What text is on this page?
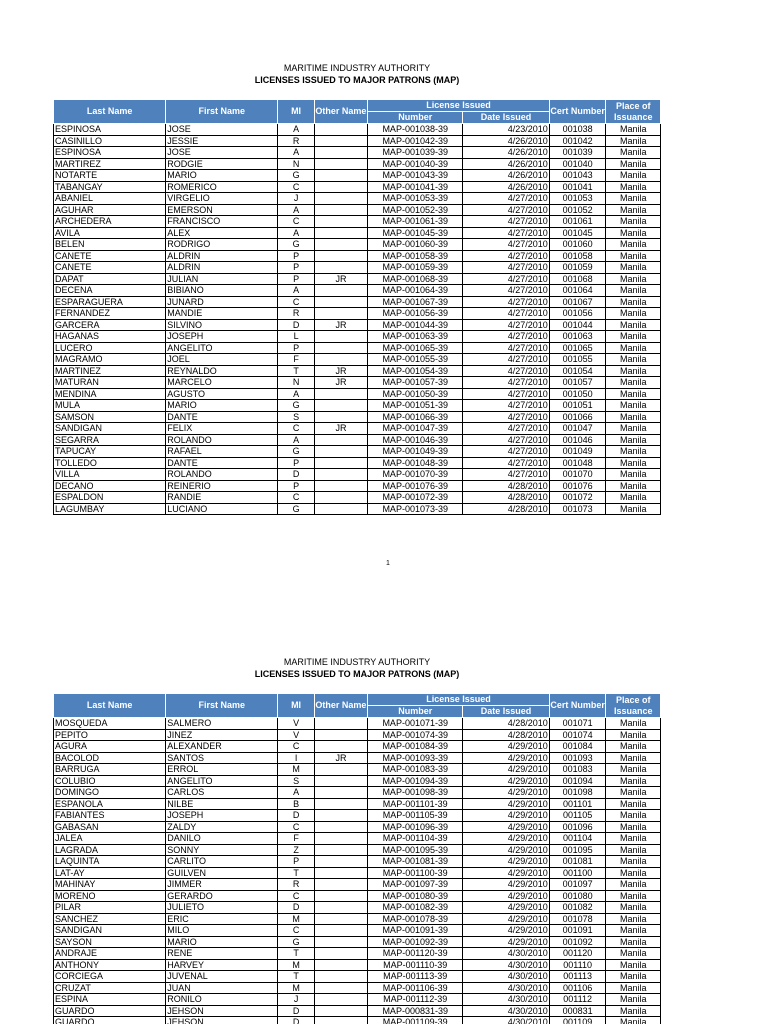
MARITIME INDUSTRY AUTHORITY
LICENSES ISSUED TO MAJOR PATRONS (MAP)
Last Name	First Name	MI	Other Name	License Issued		Cert Number	Place of Issuance
				Number	Date Issued		
ESPINOSA	JOSE	A		MAP-001038-39	4/23/2010	001038	Manila
CASINILLO	JESSIE	R		MAP-001042-39	4/26/2010	001042	Manila
ESPINOSA	JOSE	A		MAP-001039-39	4/26/2010	001039	Manila
MARTIREZ	RODGIE	N		MAP-001040-39	4/26/2010	001040	Manila
NOTARTE	MARIO	G		MAP-001043-39	4/26/2010	001043	Manila
TABANGAY	ROMERICO	C		MAP-001041-39	4/26/2010	001041	Manila
ABANIEL	VIRGELIO	J		MAP-001053-39	4/27/2010	001053	Manila
AGUHAR	EMERSON	A		MAP-001052-39	4/27/2010	001052	Manila
ARCHEDERA	FRANCISCO	C		MAP-001061-39	4/27/2010	001061	Manila
AVILA	ALEX	A		MAP-001045-39	4/27/2010	001045	Manila
BELEN	RODRIGO	G		MAP-001060-39	4/27/2010	001060	Manila
CANETE	ALDRIN	P		MAP-001058-39	4/27/2010	001058	Manila
CANETE	ALDRIN	P		MAP-001059-39	4/27/2010	001059	Manila
DAPAT	JULIAN	P	JR	MAP-001068-39	4/27/2010	001068	Manila
DECENA	BIBIANO	A		MAP-001064-39	4/27/2010	001064	Manila
ESPARAGUERA	JUNARD	C		MAP-001067-39	4/27/2010	001067	Manila
FERNANDEZ	MANDIE	R		MAP-001056-39	4/27/2010	001056	Manila
GARCERA	SILVINO	D	JR	MAP-001044-39	4/27/2010	001044	Manila
HAGANAS	JOSEPH	L		MAP-001063-39	4/27/2010	001063	Manila
LUCERO	ANGELITO	P		MAP-001065-39	4/27/2010	001065	Manila
MAGRAMO	JOEL	F		MAP-001055-39	4/27/2010	001055	Manila
MARTINEZ	REYNALDO	T	JR	MAP-001054-39	4/27/2010	001054	Manila
MATURAN	MARCELO	N	JR	MAP-001057-39	4/27/2010	001057	Manila
MENDINA	AGUSTO	A		MAP-001050-39	4/27/2010	001050	Manila
MULA	MARIO	G		MAP-001051-39	4/27/2010	001051	Manila
SAMSON	DANTE	S		MAP-001066-39	4/27/2010	001066	Manila
SANDIGAN	FELIX	C	JR	MAP-001047-39	4/27/2010	001047	Manila
SEGARRA	ROLANDO	A		MAP-001046-39	4/27/2010	001046	Manila
TAPUCAY	RAFAEL	G		MAP-001049-39	4/27/2010	001049	Manila
TOLLEDO	DANTE	P		MAP-001048-39	4/27/2010	001048	Manila
VILLA	ROLANDO	D		MAP-001070-39	4/27/2010	001070	Manila
DECANO	REINERIO	P		MAP-001076-39	4/28/2010	001076	Manila
ESPALDON	RANDIE	C		MAP-001072-39	4/28/2010	001072	Manila
LAGUMBAY	LUCIANO	G		MAP-001073-39	4/28/2010	001073	Manila
1
MARITIME INDUSTRY AUTHORITY
LICENSES ISSUED TO MAJOR PATRONS (MAP)
Last Name	First Name	MI	Other Name	License Issued		Cert Number	Place of Issuance
				Number	Date Issued		
MOSQUEDA	SALMERO	V		MAP-001071-39	4/28/2010	001071	Manila
PEPITO	JINEZ	V		MAP-001074-39	4/28/2010	001074	Manila
AGURA	ALEXANDER	C		MAP-001084-39	4/29/2010	001084	Manila
BACOLOD	SANTOS	I	JR	MAP-001093-39	4/29/2010	001093	Manila
BARRUGA	ERROL	M		MAP-001083-39	4/29/2010	001083	Manila
COLUBIO	ANGELITO	S		MAP-001094-39	4/29/2010	001094	Manila
DOMINGO	CARLOS	A		MAP-001098-39	4/29/2010	001098	Manila
ESPANOLA	NILBE	B		MAP-001101-39	4/29/2010	001101	Manila
FABIANTES	JOSEPH	D		MAP-001105-39	4/29/2010	001105	Manila
GABASAN	ZALDY	C		MAP-001096-39	4/29/2010	001096	Manila
JALEA	DANILO	F		MAP-001104-39	4/29/2010	001104	Manila
LAGRADA	SONNY	Z		MAP-001095-39	4/29/2010	001095	Manila
LAQUINTA	CARLITO	P		MAP-001081-39	4/29/2010	001081	Manila
LAT-AY	GUILVEN	T		MAP-001100-39	4/29/2010	001100	Manila
MAHINAY	JIMMER	R		MAP-001097-39	4/29/2010	001097	Manila
MORENO	GERARDO	C		MAP-001080-39	4/29/2010	001080	Manila
PILAR	JULIETO	D		MAP-001082-39	4/29/2010	001082	Manila
SANCHEZ	ERIC	M		MAP-001078-39	4/29/2010	001078	Manila
SANDIGAN	MILO	C		MAP-001091-39	4/29/2010	001091	Manila
SAYSON	MARIO	G		MAP-001092-39	4/29/2010	001092	Manila
ANDRAJE	RENE	T		MAP-001120-39	4/30/2010	001120	Manila
ANTHONY	HARVEY	M		MAP-001110-39	4/30/2010	001110	Manila
CORCIEGA	JUVENAL	T		MAP-001113-39	4/30/2010	001113	Manila
CRUZAT	JUAN	M		MAP-001106-39	4/30/2010	001106	Manila
ESPINA	RONILO	J		MAP-001112-39	4/30/2010	001112	Manila
GUARDO	JEHSON	D		MAP-000831-39	4/30/2010	000831	Manila
GUARDO	JEHSON	D		MAP-001109-39	4/30/2010	001109	Manila
